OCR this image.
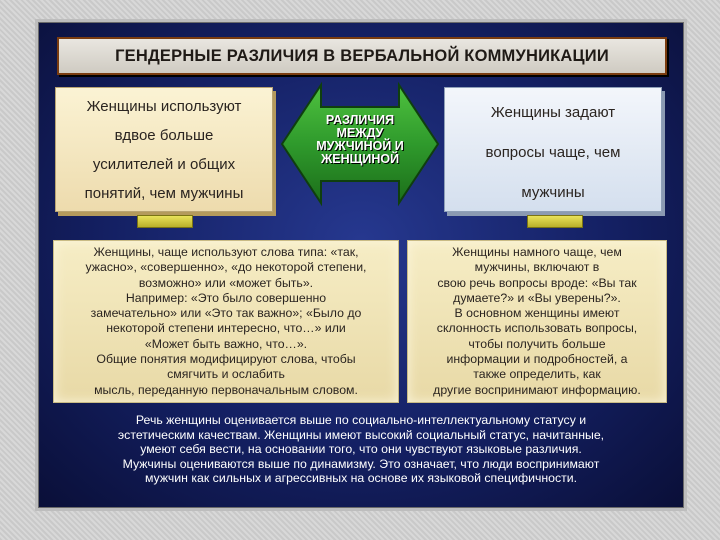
ГЕНДЕРНЫЕ РАЗЛИЧИЯ В ВЕРБАЛЬНОЙ КОММУНИКАЦИИ
Женщины используют
вдвое больше
усилителей и общих
понятий, чем мужчины
РАЗЛИЧИЯ
МЕЖДУ
МУЖЧИНОЙ И
ЖЕНЩИНОЙ
Женщины задают
вопросы чаще, чем
мужчины
Женщины, чаще используют слова типа: «так,
ужасно», «совершенно», «до некоторой степени,
возможно» или «может быть».
Например: «Это было совершенно
замечательно» или «Это так важно»; «Было до
некоторой степени интересно, что…» или
«Может быть важно, что…».
Общие понятия модифицируют слова, чтобы
смягчить и ослабить
мысль, переданную первоначальным словом.
Женщины намного чаще, чем
мужчины, включают в
свою речь вопросы вроде: «Вы так
думаете?» и «Вы уверены?».
В основном женщины имеют
склонность использовать вопросы,
чтобы получить больше
информации и подробностей, а
также определить, как
другие воспринимают информацию.
Речь женщины оценивается выше по социально-интеллектуальному статусу и
эстетическим качествам. Женщины имеют высокий социальный статус, начитанные,
умеют себя вести, на основании того, что они чувствуют языковые различия.
Мужчины оцениваются выше по динамизму. Это означает, что люди воспринимают
мужчин как сильных и агрессивных на основе их языковой специфичности.
